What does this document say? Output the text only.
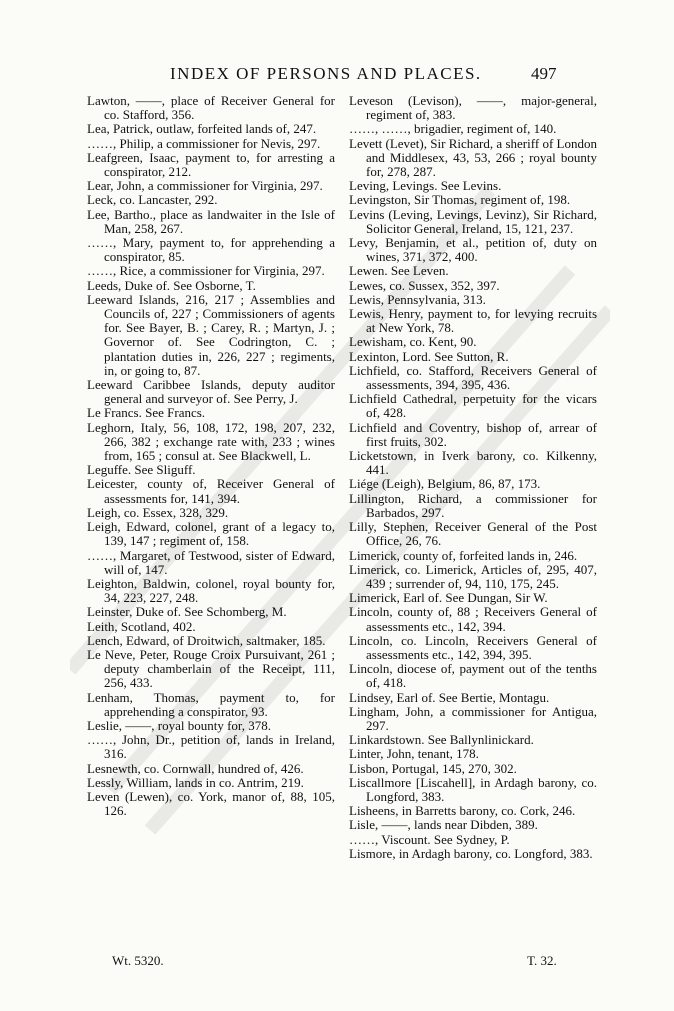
INDEX OF PERSONS AND PLACES.	497

Lawton, ——, place of Receiver General for co. Stafford, 356.

Lea, Patrick, outlaw, forfeited lands of, 247.

……, Philip, a commissioner for Nevis, 297.

Leafgreen, Isaac, payment to, for arresting a conspirator, 212.

Lear, John, a commissioner for Virginia, 297.

Leck, co. Lancaster, 292.

Lee, Bartho., place as landwaiter in the Isle of Man, 258, 267.

……, Mary, payment to, for apprehending a conspirator, 85.

……, Rice, a commissioner for Virginia, 297.

Leeds, Duke of. See Osborne, T.

Leeward Islands, 216, 217 ; Assemblies and Councils of, 227 ; Commissioners of agents for. See Bayer, B. ; Carey, R. ; Martyn, J. ; Governor of. See Codrington, C. ; plantation duties in, 226, 227 ; regiments, in, or going to, 87.

Leeward Caribbee Islands, deputy auditor general and surveyor of. See Perry, J.

Le Francs. See Francs.

Leghorn, Italy, 56, 108, 172, 198, 207, 232, 266, 382 ; exchange rate with, 233 ; wines from, 165 ; consul at. See Blackwell, L.

Leguffe. See Sliguff.

Leicester, county of, Receiver General of assessments for, 141, 394.

Leigh, co. Essex, 328, 329.

Leigh, Edward, colonel, grant of a legacy to, 139, 147 ; regiment of, 158.

……, Margaret, of Testwood, sister of Edward, will of, 147.

Leighton, Baldwin, colonel, royal bounty for, 34, 223, 227, 248.

Leinster, Duke of. See Schomberg, M.

Leith, Scotland, 402.

Lench, Edward, of Droitwich, saltmaker, 185.

Le Neve, Peter, Rouge Croix Pursuivant, 261 ; deputy chamberlain of the Receipt, 111, 256, 433.

Lenham, Thomas, payment to, for apprehending a conspirator, 93.

Leslie, ——, royal bounty for, 378.

……, John, Dr., petition of, lands in Ireland, 316.

Lesnewth, co. Cornwall, hundred of, 426.

Lessly, William, lands in co. Antrim, 219.

Leven (Lewen), co. York, manor of, 88, 105, 126.

Leveson (Levison), ——, major-general, regiment of, 383.

……, ……, brigadier, regiment of, 140.

Levett (Levet), Sir Richard, a sheriff of London and Middlesex, 43, 53, 266 ; royal bounty for, 278, 287.

Leving, Levings. See Levins.

Levingston, Sir Thomas, regiment of, 198.

Levins (Leving, Levings, Levinz), Sir Richard, Solicitor General, Ireland, 15, 121, 237.

Levy, Benjamin, et al., petition of, duty on wines, 371, 372, 400.

Lewen. See Leven.

Lewes, co. Sussex, 352, 397.

Lewis, Pennsylvania, 313.

Lewis, Henry, payment to, for levying recruits at New York, 78.

Lewisham, co. Kent, 90.

Lexinton, Lord. See Sutton, R.

Lichfield, co. Stafford, Receivers General of assessments, 394, 395, 436.

Lichfield Cathedral, perpetuity for the vicars of, 428.

Lichfield and Coventry, bishop of, arrear of first fruits, 302.

Licketstown, in Iverk barony, co. Kilkenny, 441.

Liége (Leigh), Belgium, 86, 87, 173.

Lillington, Richard, a commissioner for Barbados, 297.

Lilly, Stephen, Receiver General of the Post Office, 26, 76.

Limerick, county of, forfeited lands in, 246.

Limerick, co. Limerick, Articles of, 295, 407, 439 ; surrender of, 94, 110, 175, 245.

Limerick, Earl of. See Dungan, Sir W.

Lincoln, county of, 88 ; Receivers General of assessments etc., 142, 394.

Lincoln, co. Lincoln, Receivers General of assessments etc., 142, 394, 395.

Lincoln, diocese of, payment out of the tenths of, 418.

Lindsey, Earl of. See Bertie, Montagu.

Lingham, John, a commissioner for Antigua, 297.

Linkardstown. See Ballynlinickard.

Linter, John, tenant, 178.

Lisbon, Portugal, 145, 270, 302.

Liscallmore [Liscahell], in Ardagh barony, co. Longford, 383.

Lisheens, in Barretts barony, co. Cork, 246.

Lisle, ——, lands near Dibden, 389.

……, Viscount. See Sydney, P.

Lismore, in Ardagh barony, co. Longford, 383.

Wt. 5320.	T. 32.
